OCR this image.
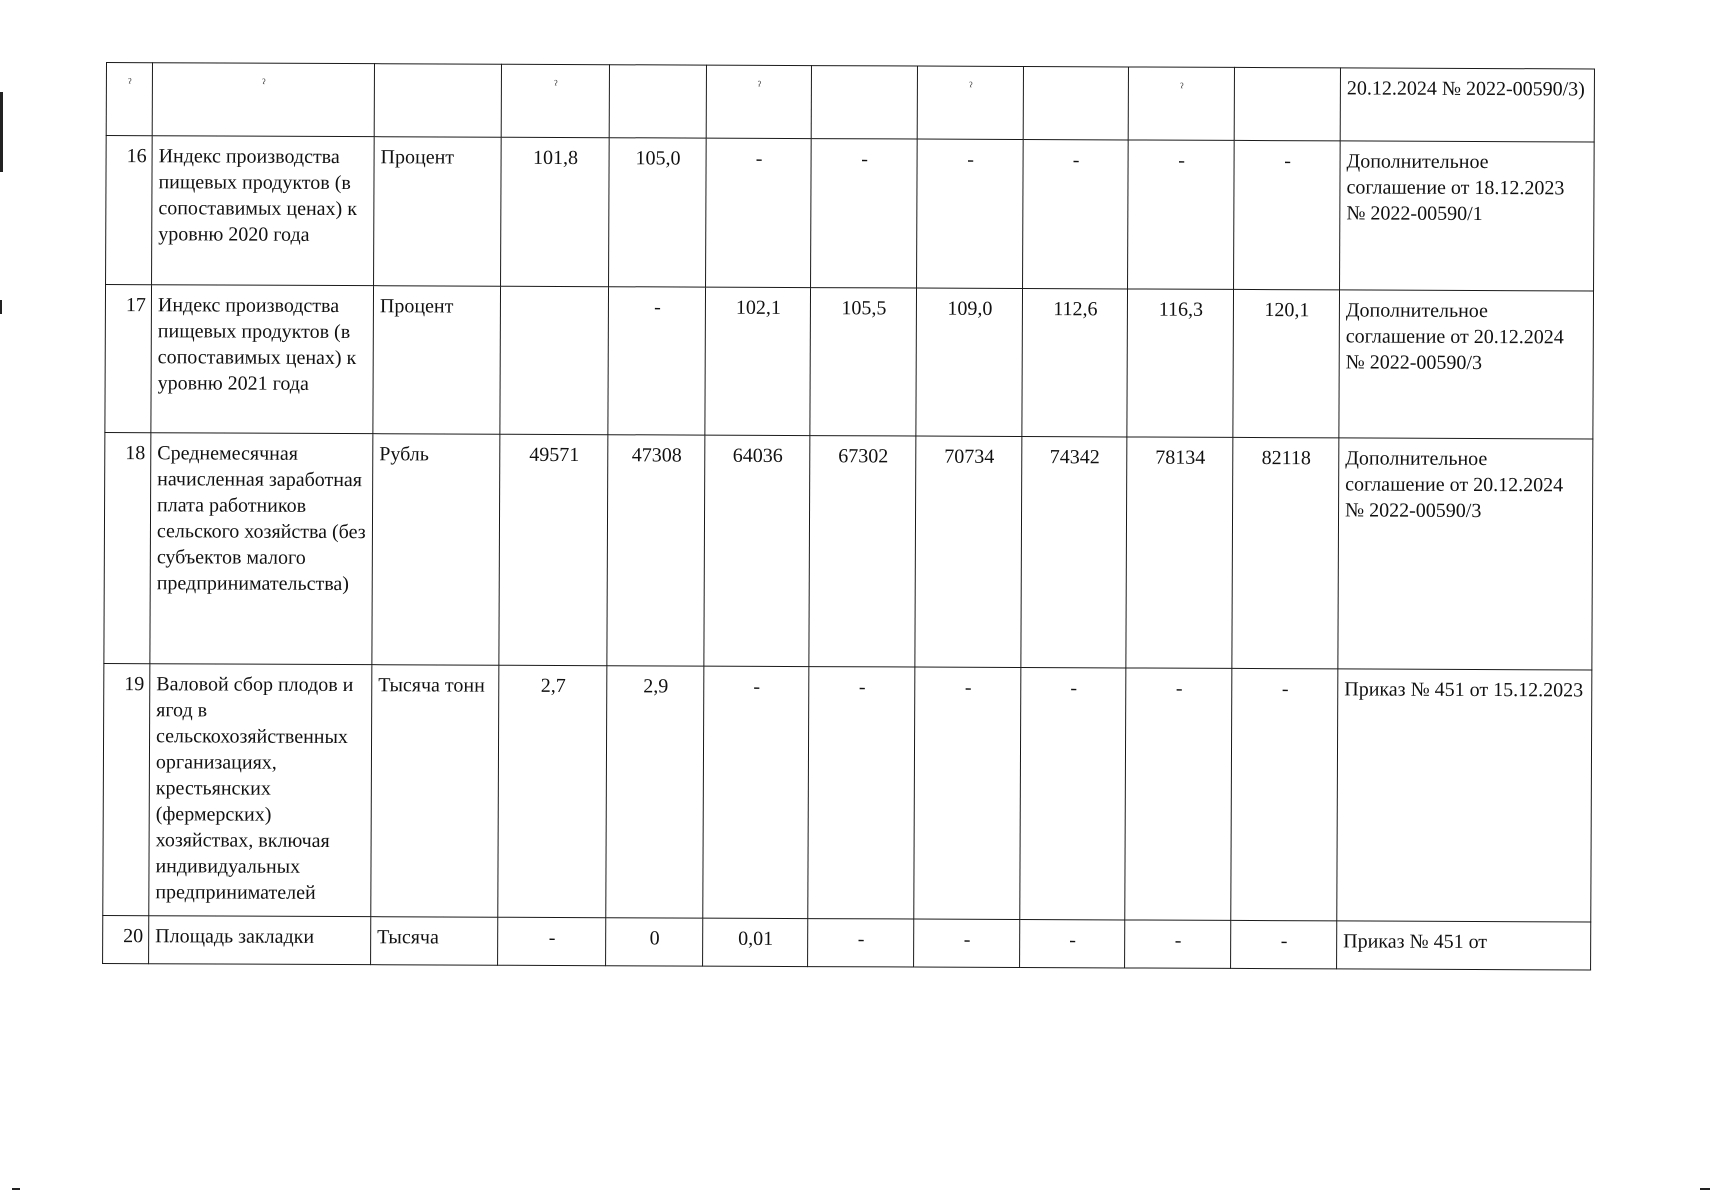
ˀ	ˀ		ˀ		ˀ		ˀ		ˀ		20.12.2024 № 2022-00590/3)
16	Индекс производства пищевых продуктов (в сопоставимых ценах) к уровню 2020 года	Процент	101,8	105,0	-	-	-	-	-	-	Дополнительное соглашение от 18.12.2023 № 2022-00590/1
17	Индекс производства пищевых продуктов (в сопоставимых ценах) к уровню 2021 года	Процент		-	102,1	105,5	109,0	112,6	116,3	120,1	Дополнительное соглашение от 20.12.2024 № 2022-00590/3
18	Среднемесячная начисленная заработная плата работников сельского хозяйства (без субъектов малого предпринимательства)	Рубль	49571	47308	64036	67302	70734	74342	78134	82118	Дополнительное соглашение от 20.12.2024 № 2022-00590/3
19	Валовой сбор плодов и ягод в сельскохозяйственных организациях, крестьянских (фермерских) хозяйствах, включая индивидуальных предпринимателей	Тысяча тонн	2,7	2,9	-	-	-	-	-	-	Приказ № 451 от 15.12.2023
20	Площадь закладки	Тысяча	-	0	0,01	-	-	-	-	-	Приказ № 451 от
